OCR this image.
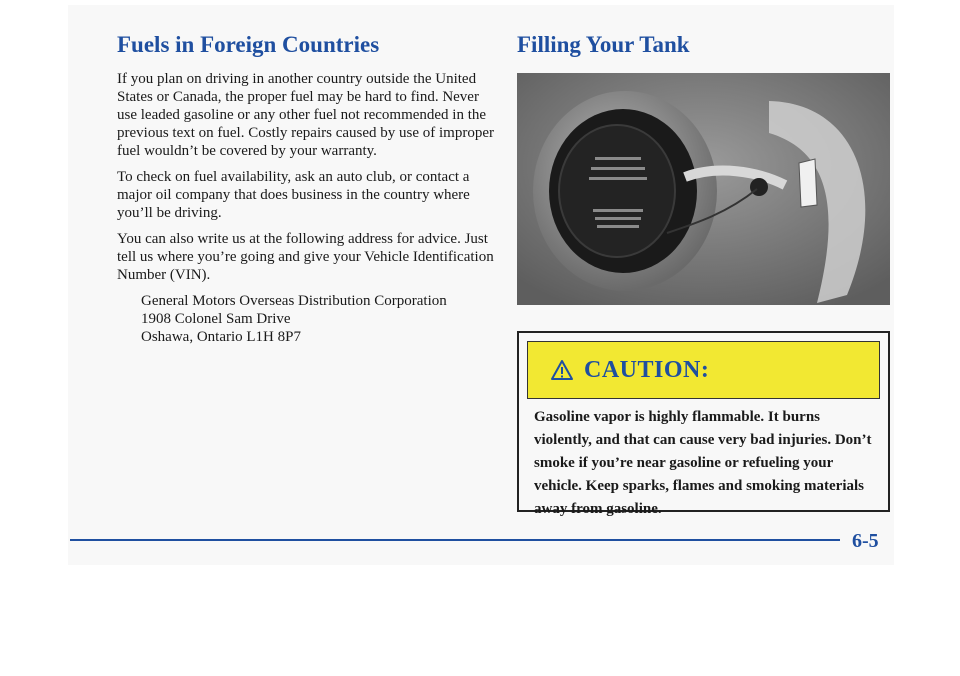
Fuels in Foreign Countries

If you plan on driving in another country outside the United States or Canada, the proper fuel may be hard to find. Never use leaded gasoline or any other fuel not recommended in the previous text on fuel. Costly repairs caused by use of improper fuel wouldn’t be covered by your warranty.

To check on fuel availability, ask an auto club, or contact a major oil company that does business in the country where you’ll be driving.

You can also write us at the following address for advice. Just tell us where you’re going and give your Vehicle Identification Number (VIN).

General Motors Overseas Distribution Corporation
1908 Colonel Sam Drive
Oshawa, Ontario L1H 8P7
Filling Your Tank
CAUTION:
Gasoline vapor is highly flammable. It burns violently, and that can cause very bad injuries. Don’t smoke if you’re near gasoline or refueling your vehicle. Keep sparks, flames and smoking materials away from gasoline.
6-5
